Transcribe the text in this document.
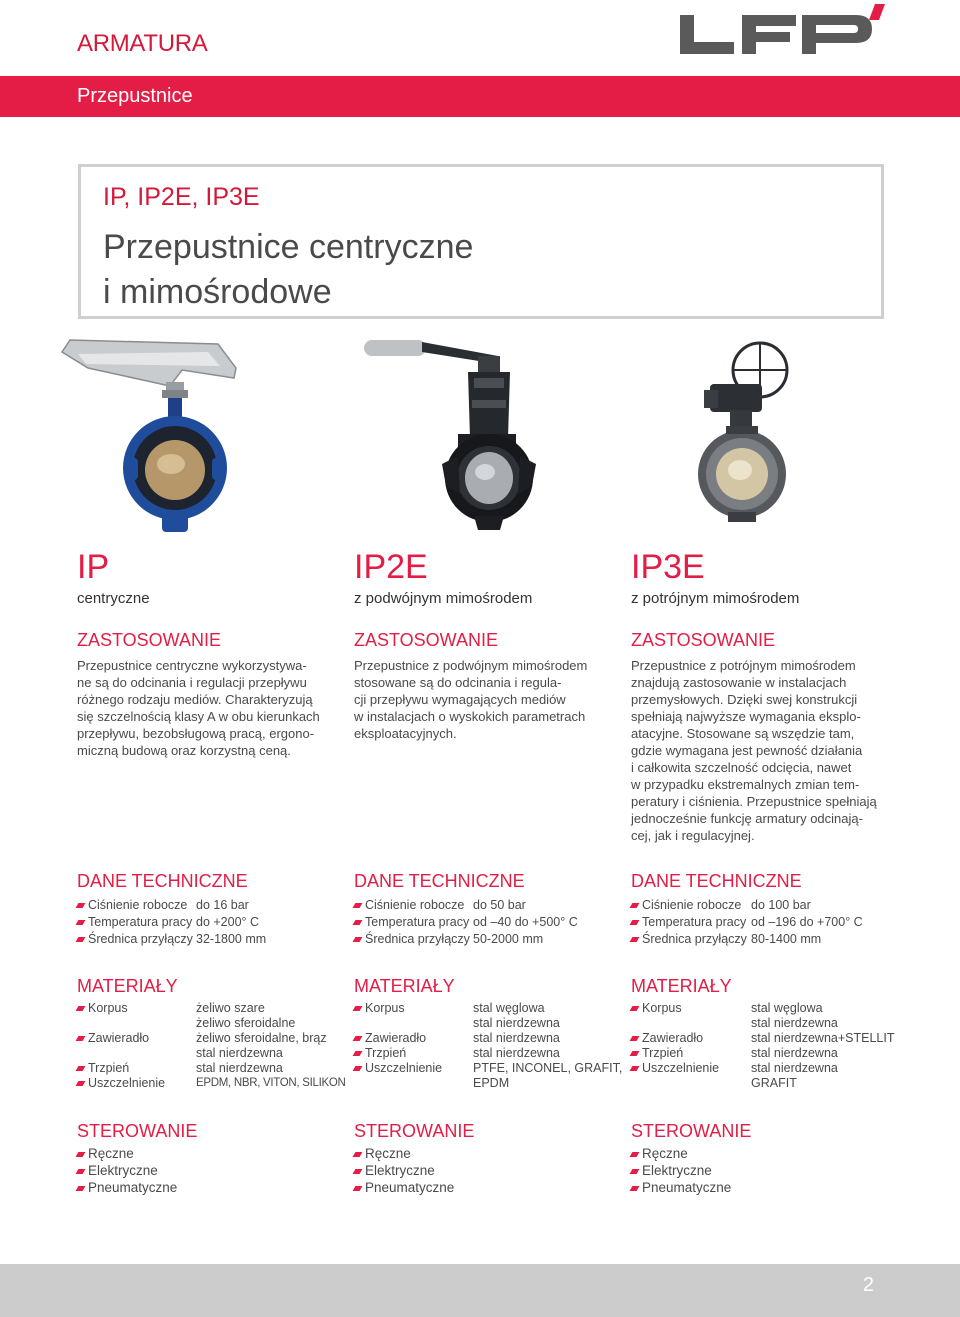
ARMATURA
Przepustnice
IP, IP2E, IP3E
Przepustnice centryczne
i mimośrodowe
IP
centryczne
ZASTOSOWANIE
Przepustnice centryczne wykorzystywa-
ne są do odcinania i regulacji przepływu
różnego rodzaju mediów. Charakteryzują
się szczelnością klasy A w obu kierunkach
przepływu, bezobsługową pracą, ergono-
miczną budową oraz korzystną ceną.
DANE TECHNICZNE
Ciśnienie robocze
Temperatura pracy
Średnica przyłączy
do 16 bar
do +200° C
32-1800 mm
MATERIAŁY
Korpus
Zawieradło
Trzpień
Uszczelnienie
żeliwo szare
żeliwo sferoidalne
żeliwo sferoidalne, brąz
stal nierdzewna
stal nierdzewna
EPDM, NBR, VITON, SILIKON
STEROWANIE
Ręczne
Elektryczne
Pneumatyczne
IP2E
z podwójnym mimośrodem
ZASTOSOWANIE
Przepustnice z podwójnym mimośrodem
stosowane są do odcinania i regula-
cji przepływu wymagających mediów
w instalacjach o wyskokich parametrach
eksploatacyjnych.
DANE TECHNICZNE
Ciśnienie robocze
Temperatura pracy
Średnica przyłączy
do 50 bar
od –40 do +500° C
50-2000 mm
MATERIAŁY
Korpus
Zawieradło
Trzpień
Uszczelnienie
stal węglowa
stal nierdzewna
stal nierdzewna
stal nierdzewna
PTFE, INCONEL, GRAFIT,
EPDM
STEROWANIE
Ręczne
Elektryczne
Pneumatyczne
IP3E
z potrójnym mimośrodem
ZASTOSOWANIE
Przepustnice z potrójnym mimośrodem
znajdują zastosowanie w instalacjach
przemysłowych. Dzięki swej konstrukcji
spełniają najwyższe wymagania eksplo-
atacyjne. Stosowane są wszędzie tam,
gdzie wymagana jest pewność działania
i całkowita szczelność odcięcia, nawet
w przypadku ekstremalnych zmian tem-
peratury i ciśnienia. Przepustnice spełniają
jednocześnie funkcję armatury odcinają-
cej, jak i regulacyjnej.
DANE TECHNICZNE
Ciśnienie robocze
Temperatura pracy
Średnica przyłączy
do 100 bar
od –196 do +700° C
80-1400 mm
MATERIAŁY
Korpus
Zawieradło
Trzpień
Uszczelnienie
stal węglowa
stal nierdzewna
stal nierdzewna+STELLIT
stal nierdzewna
stal nierdzewna
GRAFIT
STEROWANIE
Ręczne
Elektryczne
Pneumatyczne
2
